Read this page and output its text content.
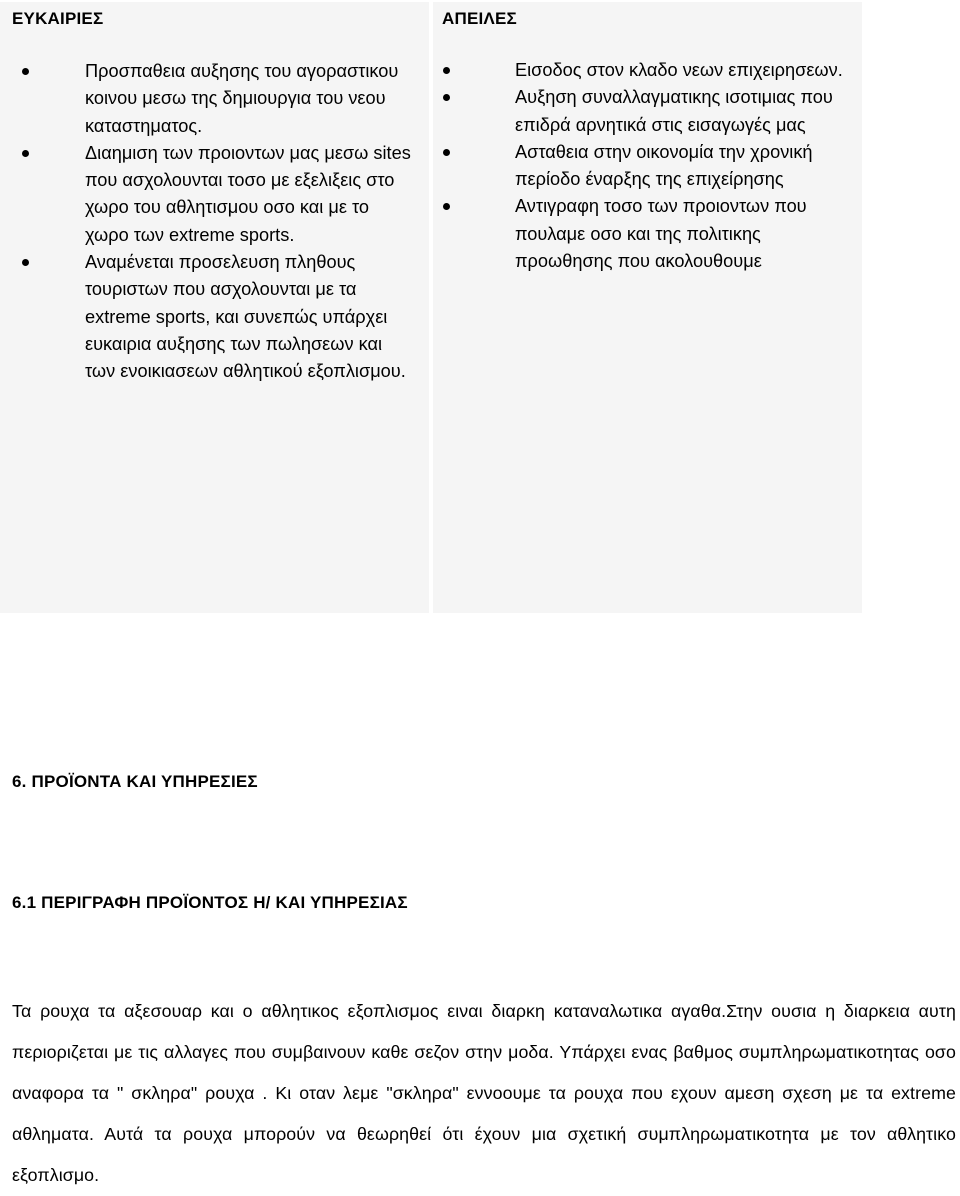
ΕΥΚΑΙΡΙΕΣ
Προσπαθεια αυξησης του αγοραστικου κοινου μεσω της δημιουργια του νεου καταστηματος.
Διαημιση των προιοντων μας μεσω sites που ασχολουνται τοσο με εξελιξεις στο χωρο του αθλητισμου οσο και με το χωρο των extreme sports.
Αναμένεται προσελευση πληθους τουριστων που ασχολουνται με τα extreme sports, και συνεπώς υπάρχει ευκαιρια αυξησης των πωλησεων και των ενοικιασεων αθλητικού εξοπλισμου.
ΑΠΕΙΛΕΣ
Εισοδος στον κλαδο νεων επιχειρησεων.
Αυξηση συναλλαγματικης ισοτιμιας που επιδρά αρνητικά στις εισαγωγές μας
Ασταθεια στην οικονομία την χρονική περίοδο έναρξης της επιχείρησης
Αντιγραφη τοσο των προιοντων που πουλαμε οσο και της πολιτικης προωθησης που ακολουθουμε
6. ΠΡΟΪΟΝΤΑ ΚΑΙ ΥΠΗΡΕΣΙΕΣ
6.1 ΠΕΡΙΓΡΑΦΗ ΠΡΟΪΟΝΤΟΣ Η/ ΚΑΙ ΥΠΗΡΕΣΙΑΣ
Τα ρουχα τα αξεσουαρ και ο αθλητικος εξοπλισμος ειναι διαρκη καταναλωτικα αγαθα.Στην ουσια η διαρκεια αυτη περιοριζεται με τις αλλαγες που συμβαινουν καθε σεζον στην μοδα. Υπάρχει ενας βαθμος συμπληρωματικοτητας οσο αναφορα τα " σκληρα" ρουχα . Κι οταν λεμε "σκληρα" εννοουμε τα ρουχα που εχουν αμεση σχεση με τα extreme αθληματα. Αυτά τα ρουχα μπορούν να θεωρηθεί ότι έχουν μια σχετική συμπληρωματικοτητα με τον αθλητικο εξοπλισμο.
